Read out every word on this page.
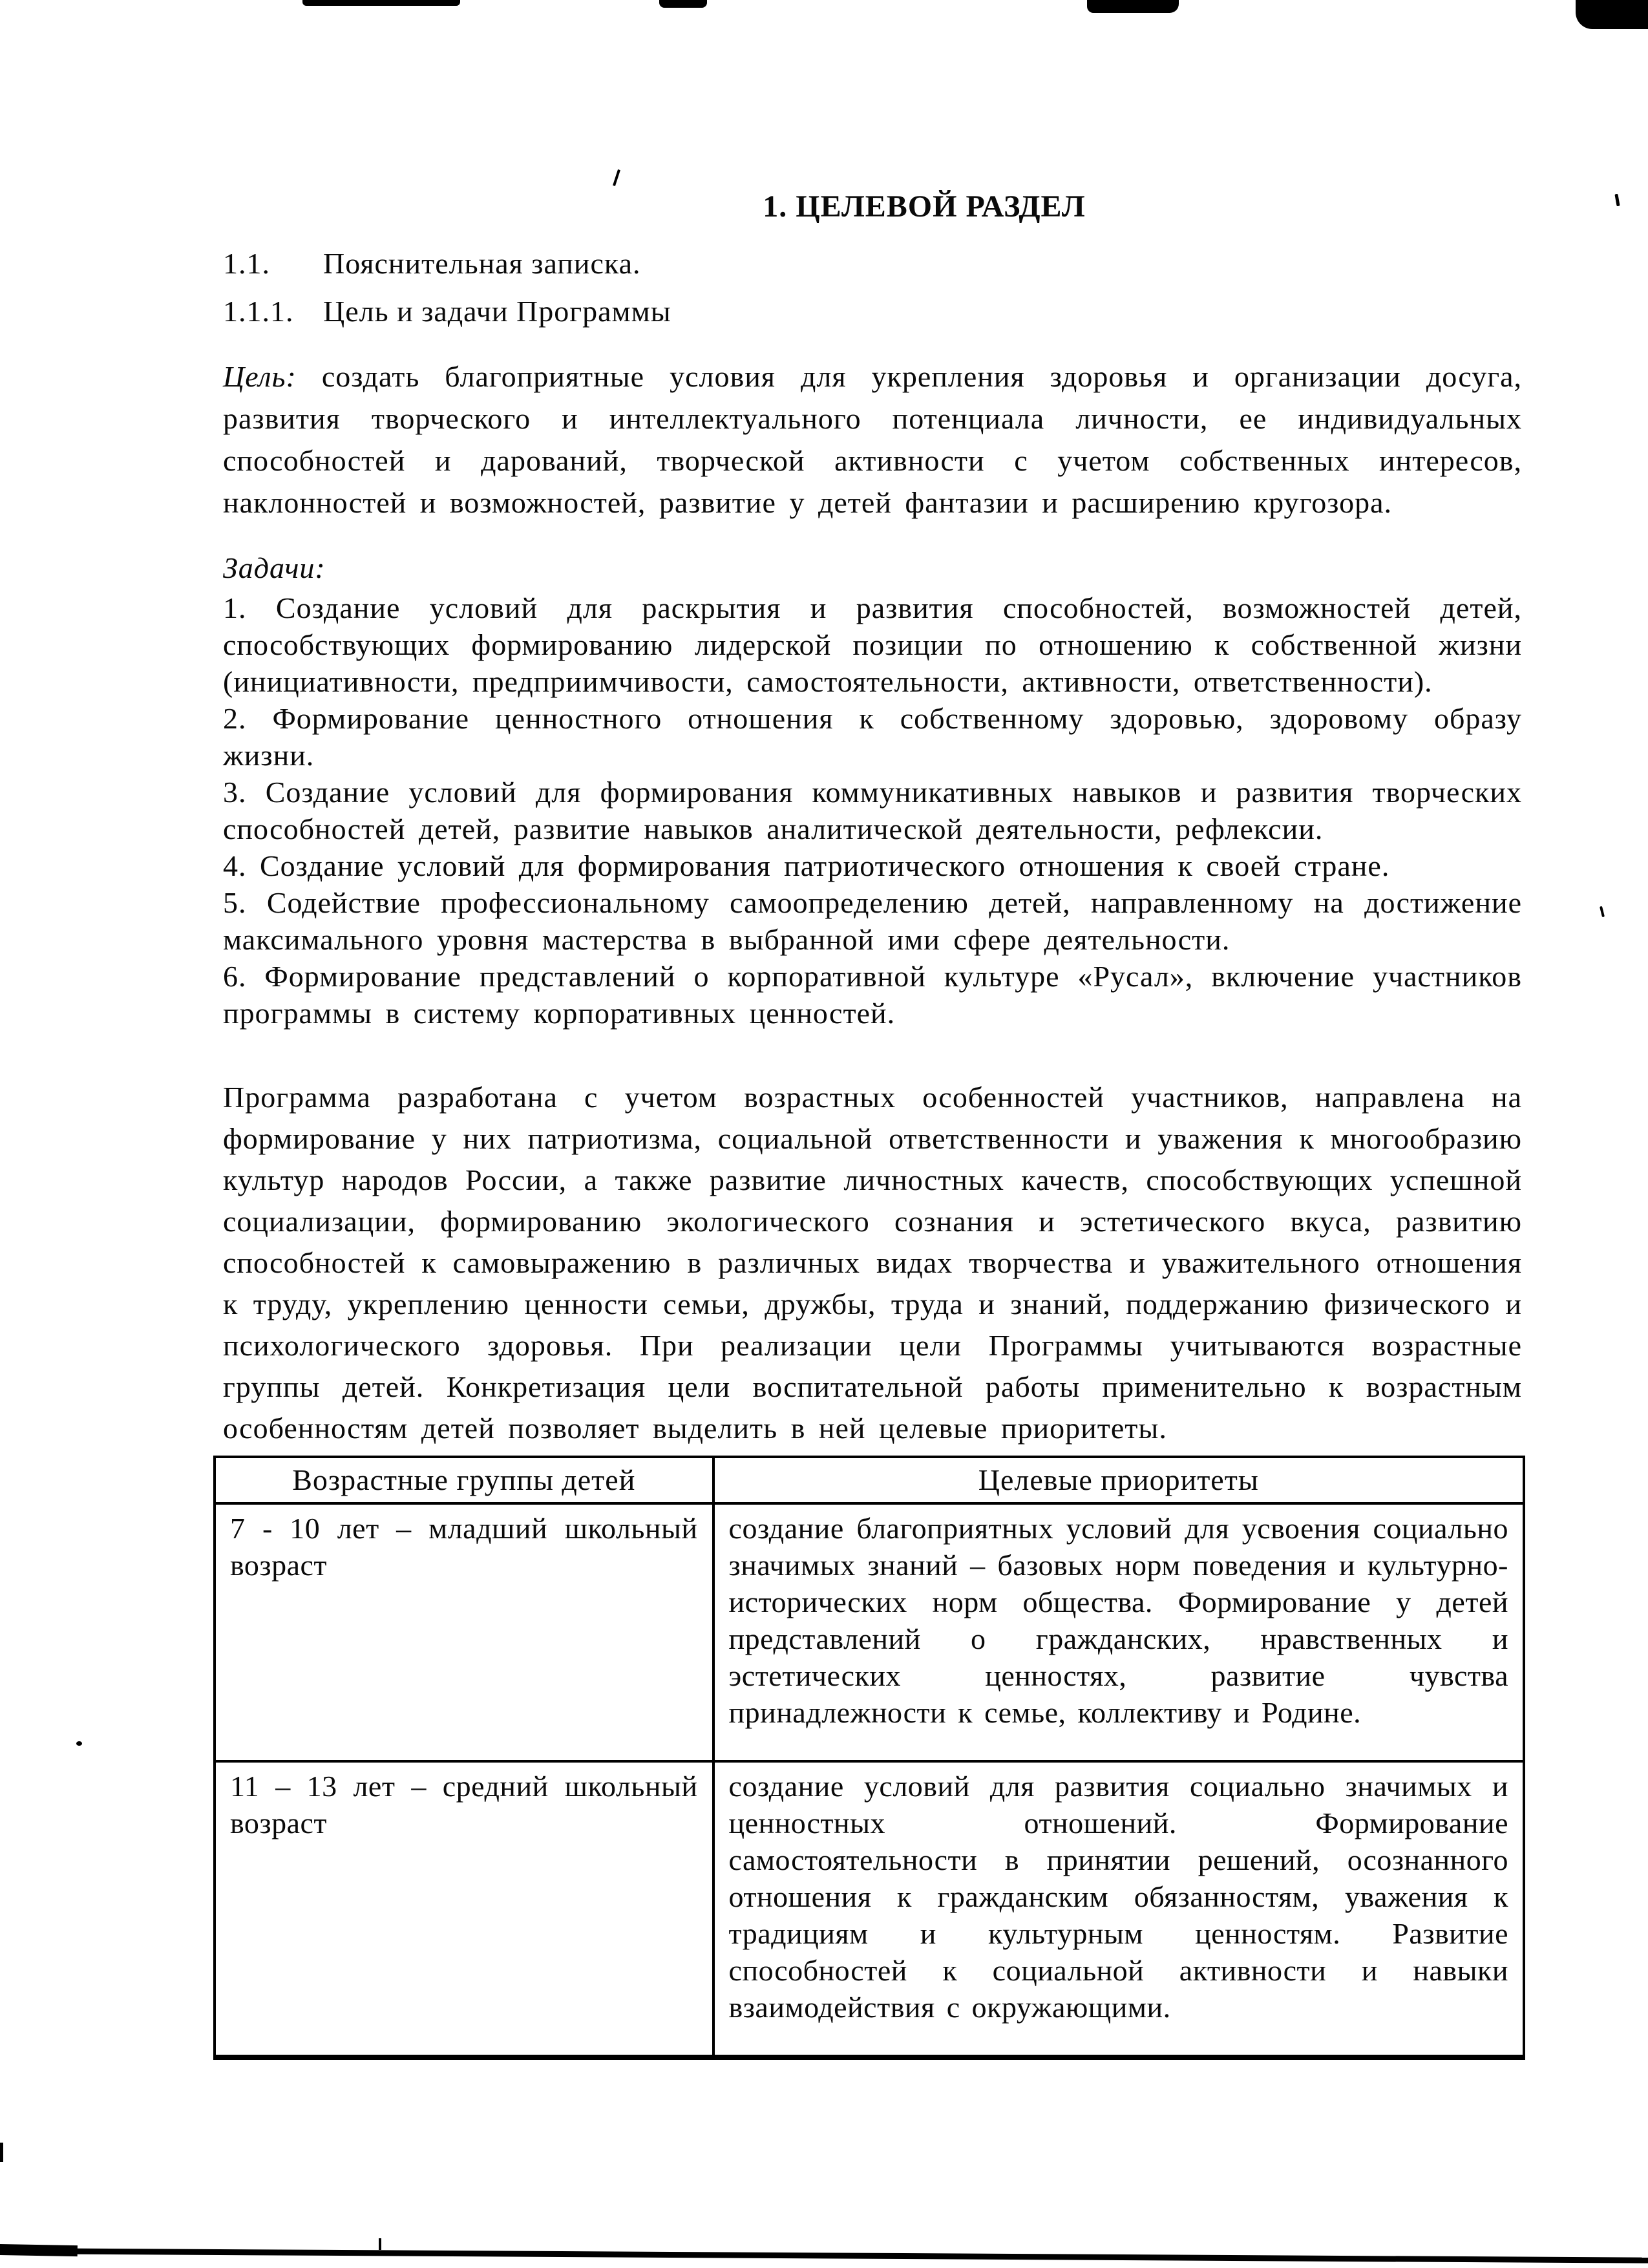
1. ЦЕЛЕВОЙ РАЗДЕЛ
1.1. Пояснительная записка.
1.1.1. Цель и задачи Программы

Цель: создать благоприятные условия для укрепления здоровья и организации досуга, развития творческого и интеллектуального потенциала личности, ее индивидуальных способностей и дарований, творческой активности с учетом собственных интересов, наклонностей и возможностей, развитие у детей фантазии и расширению кругозора.

Задачи:

1. Создание условий для раскрытия и развития способностей, возможностей детей, способствующих формированию лидерской позиции по отношению к собственной жизни (инициативности, предприимчивости, самостоятельности, активности, ответственности).

2. Формирование ценностного отношения к собственному здоровью, здоровому образу жизни.

3. Создание условий для формирования коммуникативных навыков и развития творческих способностей детей, развитие навыков аналитической деятельности, рефлексии.

4. Создание условий для формирования патриотического отношения к своей стране.

5. Содействие профессиональному самоопределению детей, направленному на достижение максимального уровня мастерства в выбранной ими сфере деятельности.

6. Формирование представлений о корпоративной культуре «Русал», включение участников программы в систему корпоративных ценностей.

Программа разработана с учетом возрастных особенностей участников, направлена на формирование у них патриотизма, социальной ответственности и уважения к многообразию культур народов России, а также развитие личностных качеств, способствующих успешной социализации, формированию экологического сознания и эстетического вкуса, развитию способностей к самовыражению в различных видах творчества и уважительного отношения к труду, укреплению ценности семьи, дружбы, труда и знаний, поддержанию физического и психологического здоровья. При реализации цели Программы учитываются возрастные группы детей. Конкретизация цели воспитательной работы применительно к возрастным особенностям детей позволяет выделить в ней целевые приоритеты.

Возрастные группы детей	Целевые приоритеты
7 - 10 лет – младший школьный возраст	создание благоприятных условий для усвоения социально значимых знаний – базовых норм поведения и культурно-исторических норм общества. Формирование у детей представлений о гражданских, нравственных и эстетических ценностях, развитие чувства принадлежности к семье, коллективу и Родине.
11 – 13 лет – средний школьный возраст	создание условий для развития социально значимых и ценностных отношений. Формирование самостоятельности в принятии решений, осознанного отношения к гражданским обязанностям, уважения к традициям и культурным ценностям. Развитие способностей к социальной активности и навыки взаимодействия с окружающими.
